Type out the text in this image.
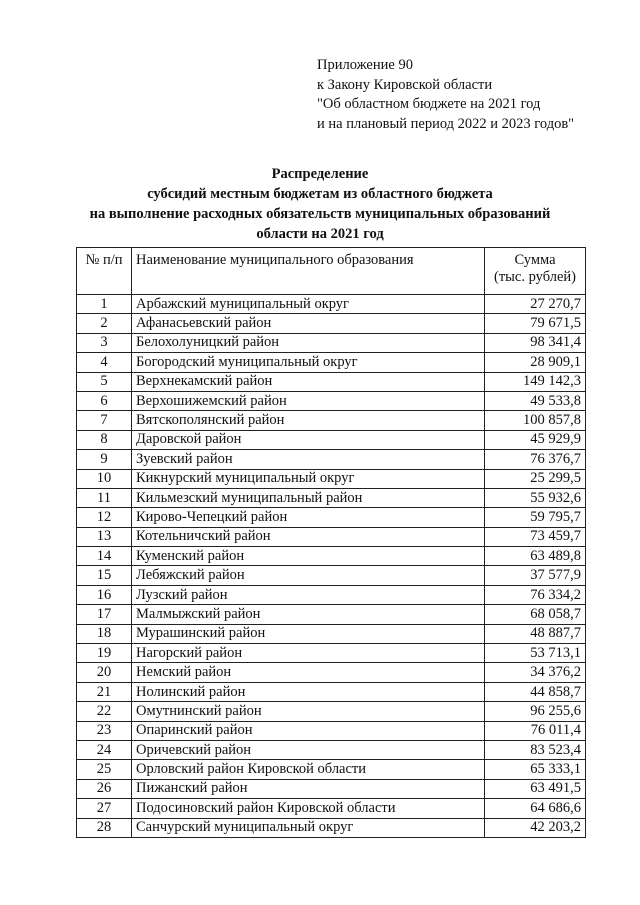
Приложение 90
к Закону Кировской области
"Об областном бюджете на 2021 год
и на плановый период 2022 и 2023 годов"
Распределение
субсидий местным бюджетам из областного бюджета
на выполнение расходных обязательств муниципальных образований
области на 2021 год
№ п/п	Наименование муниципального образования	Сумма
(тыс. рублей)

1	Арбажский муниципальный округ	27 270,7
2	Афанасьевский район	79 671,5
3	Белохолуницкий район	98 341,4
4	Богородский муниципальный округ	28 909,1
5	Верхнекамский район	149 142,3
6	Верхошижемский район	49 533,8
7	Вятскополянский район	100 857,8
8	Даровской район	45 929,9
9	Зуевский район	76 376,7
10	Кикнурский муниципальный округ	25 299,5
11	Кильмезский муниципальный район	55 932,6
12	Кирово-Чепецкий район	59 795,7
13	Котельничский район	73 459,7
14	Куменский район	63 489,8
15	Лебяжский район	37 577,9
16	Лузский район	76 334,2
17	Малмыжский район	68 058,7
18	Мурашинский район	48 887,7
19	Нагорский район	53 713,1
20	Немский район	34 376,2
21	Нолинский район	44 858,7
22	Омутнинский район	96 255,6
23	Опаринский район	76 011,4
24	Оричевский район	83 523,4
25	Орловский район Кировской области	65 333,1
26	Пижанский район	63 491,5
27	Подосиновский район Кировской области	64 686,6
28	Санчурский муниципальный округ	42 203,2
